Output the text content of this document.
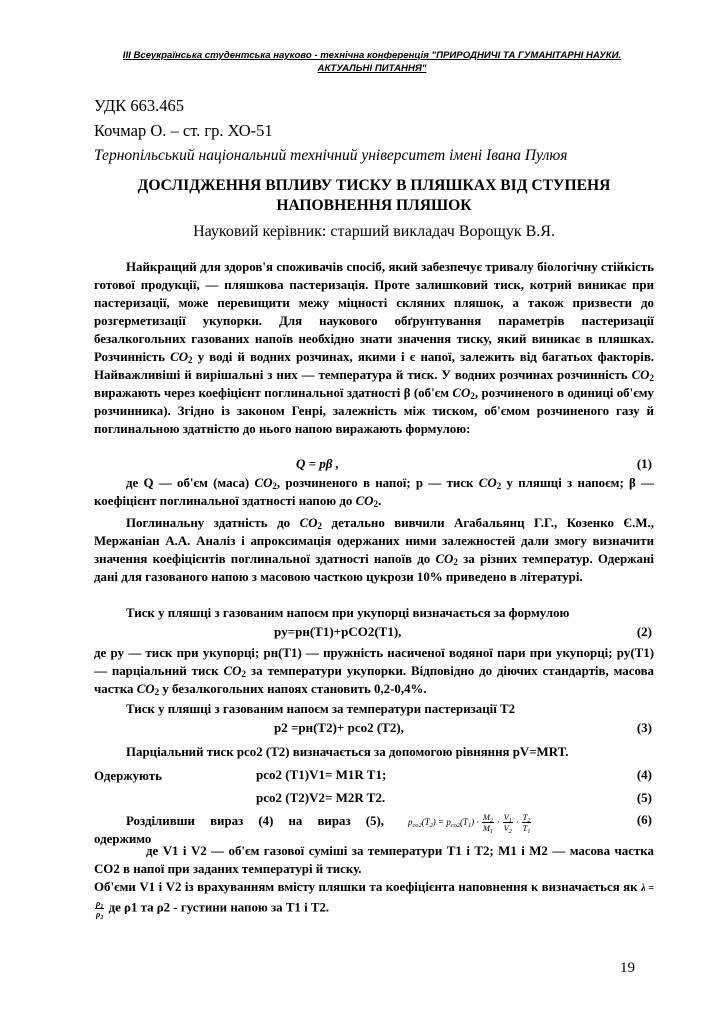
III Всеукраїнська студентська науково - технічна конференція "ПРИРОДНИЧІ ТА ГУМАНІТАРНІ НАУКИ.
АКТУАЛЬНІ ПИТАННЯ"
УДК 663.465
Кочмар О. – ст. гр. ХО-51
Тернопільський національний технічний університет імені Івана Пулюя
ДОСЛІДЖЕННЯ ВПЛИВУ ТИСКУ В ПЛЯШКАХ ВІД СТУПЕНЯ
НАПОВНЕННЯ ПЛЯШОК
Науковий керівник: старший викладач Ворощук В.Я.
Найкращий для здоров'я споживачів спосіб, який забезпечує тривалу біологічну стійкість готової продукції, — пляшкова пастеризація. Проте залишковий тиск, котрий виникає при пастеризації, може перевищити межу міцності скляних пляшок, а також призвести до розгерметизації укупорки. Для наукового обґрунтування параметрів пастеризації безалкогольних газованих напоїв необхідно знати значення тиску, який виникає в пляшках. Розчинність $CO_2$ у воді й водних розчинах, якими і є напої, залежить від багатьох факторів. Найважливіші й вирішальні з них — температура й тиск. У водних розчинах розчинність $CO_2$ виражають через коефіцієнт поглинальної здатності β (об'єм $CO_2$, розчиненого в одиниці об'єму розчинника). Згідно із законом Генрі, залежність між тиском, об'ємом розчиненого газу й поглинальною здатністю до нього напою виражають формулою:
Q = pβ ,	(1)
де Q — об'єм (маса) $CO_2$, розчиненого в напої; р — тиск $CO_2$ у пляшці з напоєм; β — коефіцієнт поглинальної здатності напою до $CO_2$.
Поглинальну здатність до $CO_2$ детально вивчили Агабальянц Г.Г., Козенко Є.М., Мержаніан А.А. Аналіз і апроксимація одержаних ними залежностей дали змогу визначити значення коефіцієнтів поглинальної здатності напоїв до $CO_2$ за різних температур. Одержані дані для газованого напою з масовою часткою цукрози 10% приведено в літературі.
Тиск у пляшці з газованим напоєм при укупорці визначається за формулою
py=pн(T1)+pCO2(T1),	(2)
де pу — тиск при укупорці; pн(T1) — пружність насиченої водяної пари при укупорці; py(T1) — парціальний тиск $CO_2$ за температури укупорки. Відповідно до діючих стандартів, масова частка $CO_2$ у безалкогольних напоях становить 0,2-0,4%.
Тиск у пляшці з газованим напоєм за температури пастеризації T2
p2 =pн(T2)+ pco2 (T2),	(3)
Парціальний тиск pco2 (T2) визначається за допомогою рівняння pV=MRT.
Одержують	pco2 (T1)V1= M1R T1;	(4)
pco2 (T2)V2= M2R T2.	(5)
Розділивши вираз (4) на вираз (5), одержимо
$p_{co2}(T_2) = p_{co2}(T_1) \cdot \frac{M_2}{M_1} \cdot \frac{V_1}{V_2} \cdot \frac{T_2}{T_1}$	(6)
де V1 і V2 — об'єм газової суміші за температури T1 і T2; M1 і M2 — масова частка CO2 в напої при заданих температурі й тиску.
Об'єми V1 і V2 із врахуванням вмісту пляшки та коефіцієнта наповнення κ визначається як λ =
$\frac{\rho_1}{\rho_2}$ де ρ1 та ρ2 - густини напою за T1 і T2.
19
